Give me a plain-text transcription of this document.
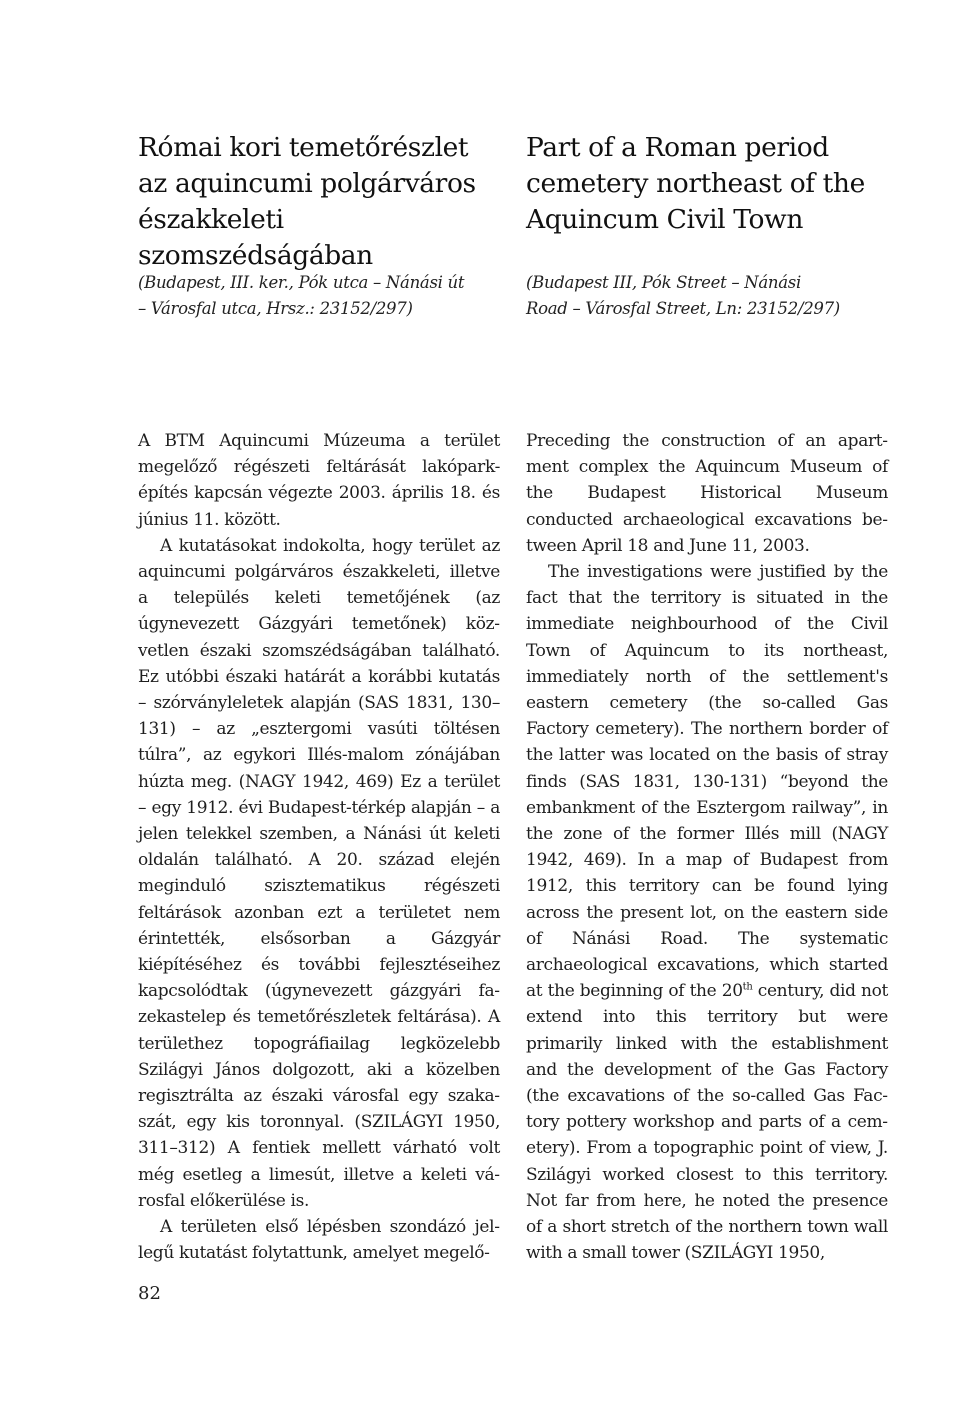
Római kori temetőrészlet
az aquincumi polgárváros
északkeleti szomszédságában

(Budapest, III. ker., Pók utca – Nánási út
– Városfal utca, Hrsz.: 23152/297)

A BTM Aquincumi Múzeuma a terület megelőző régészeti feltárását lakópark-építés kapcsán végezte 2003. április 18. és június 11. között.

A kutatásokat indokolta, hogy terület az aquincumi polgárváros északkeleti, illetve a település keleti temetőjének (az úgynevezett Gázgyári temetőnek) közvetlen északi szomszédságában található. Ez utóbbi északi határát a korábbi kutatás – szórványleletek alapján (SAS 1831, 130–131) – az „esztergomi vasúti töltésen túlra”, az egykori Illés-malom zónájában húzta meg. (NAGY 1942, 469) Ez a terület – egy 1912. évi Budapest-térkép alapján – a jelen telekkel szemben, a Nánási út keleti oldalán található. A 20. század elején meginduló szisztematikus régészeti feltárások azonban ezt a területet nem érintették, elsősorban a Gázgyár kiépítéséhez és további fejlesztéseihez kapcsolódtak (úgynevezett gázgyári fazekastelep és temetőrészletek feltárása). A területhez topográfiailag legközelebb Szilágyi János dolgozott, aki a közelben regisztrálta az északi városfal egy szakaszát, egy kis toronnyal. (SZILÁGYI 1950, 311–312) A fentiek mellett várható volt még esetleg a limesút, illetve a keleti városfal előkerülése is.

A területen első lépésben szondázó jellegű kutatást folytattunk, amelyet megelő-

Part of a Roman period
cemetery northeast of the
Aquincum Civil Town

(Budapest III, Pók Street – Nánási
Road – Városfal Street, Ln: 23152/297)

Preceding the construction of an apartment complex the Aquincum Museum of the Budapest Historical Museum conducted archaeological excavations between April 18 and June 11, 2003.

The investigations were justified by the fact that the territory is situated in the immediate neighbourhood of the Civil Town of Aquincum to its northeast, immediately north of the settlement's eastern cemetery (the so-called Gas Factory cemetery). The northern border of the latter was located on the basis of stray finds (SAS 1831, 130-131) “beyond the embankment of the Esztergom railway”, in the zone of the former Illés mill (NAGY 1942, 469). In a map of Budapest from 1912, this territory can be found lying across the present lot, on the eastern side of Nánási Road. The systematic archaeological excavations, which started at the beginning of the 20th century, did not extend into this territory but were primarily linked with the establishment and the development of the Gas Factory (the excavations of the so-called Gas Factory pottery workshop and parts of a cemetery). From a topographic point of view, J. Szilágyi worked closest to this territory. Not far from here, he noted the presence of a short stretch of the northern town wall with a small tower (SZILÁGYI 1950,

82
